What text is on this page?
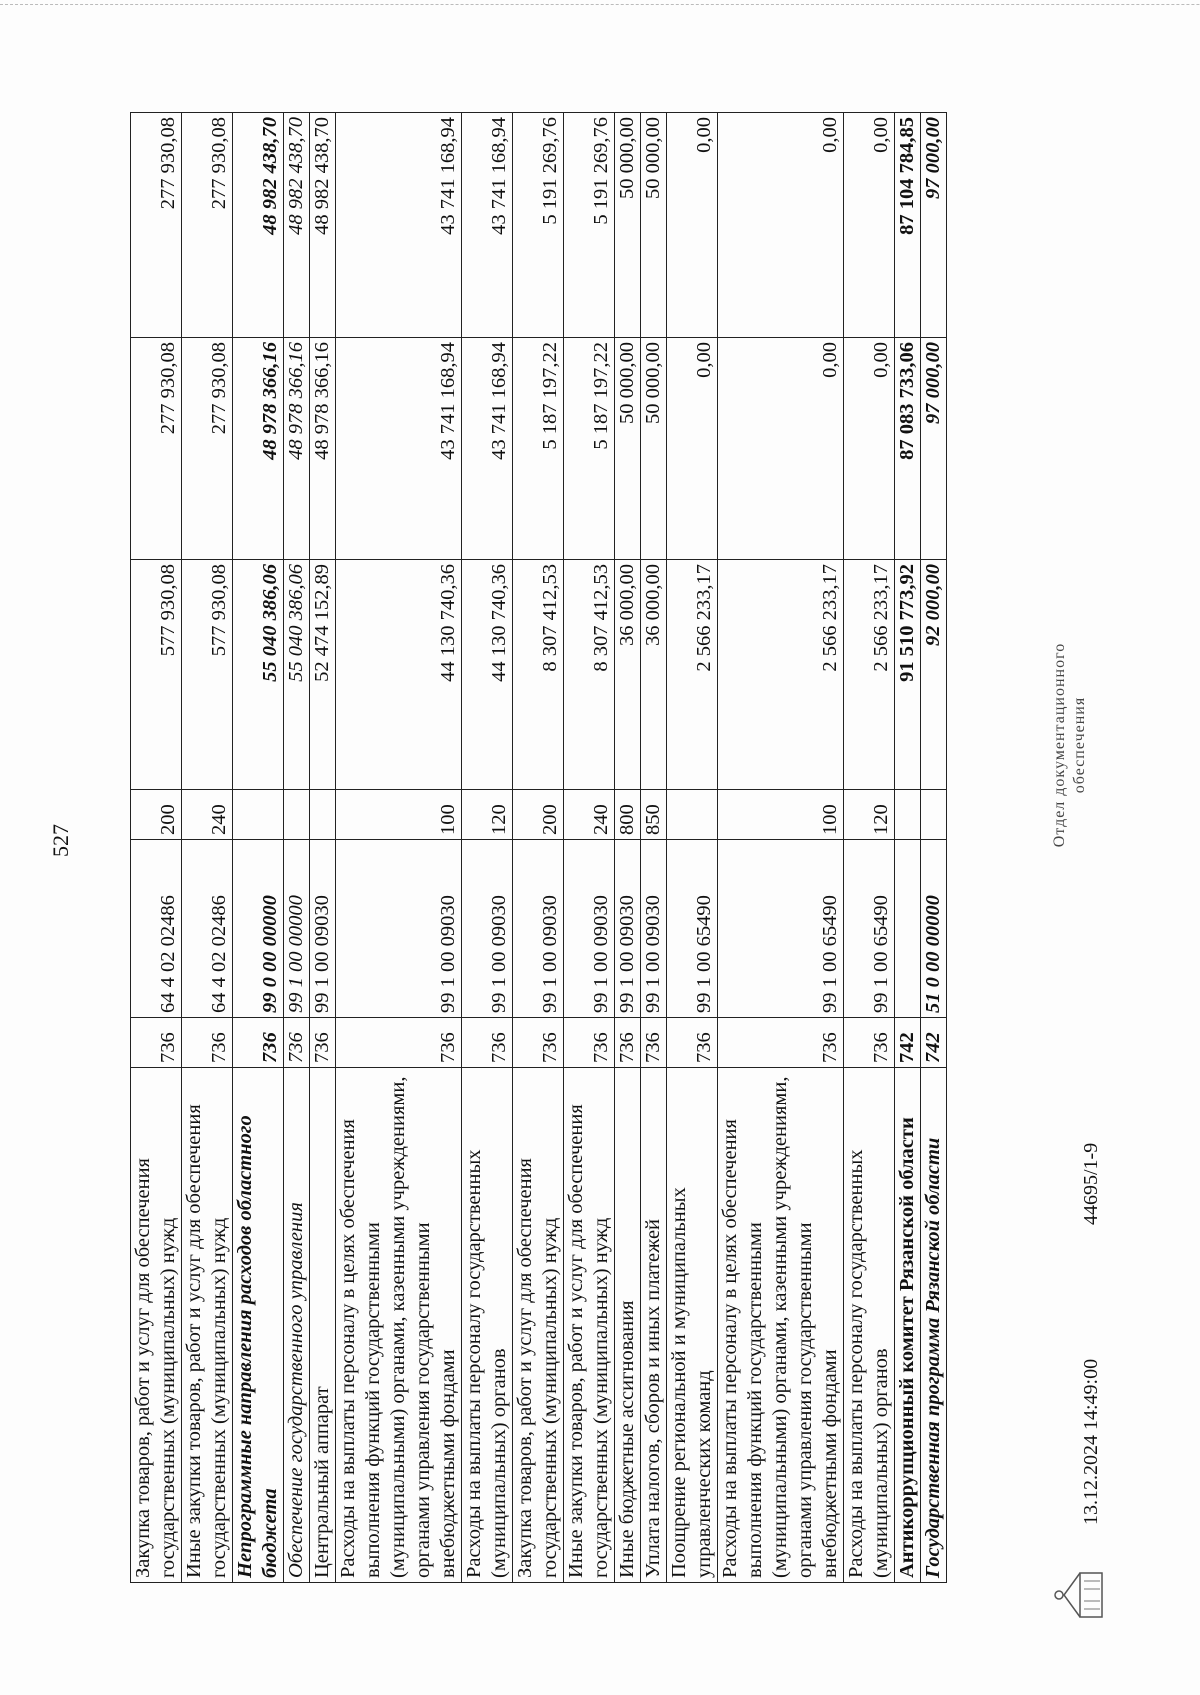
527
Закупка товаров, работ и услуг для обеспечения государственных (муниципальных) нужд	736	64 4 02 02486	200	577 930,08	277 930,08	277 930,08
Иные закупки товаров, работ и услуг для обеспечения государственных (муниципальных) нужд	736	64 4 02 02486	240	577 930,08	277 930,08	277 930,08
Непрограммные направления расходов областного бюджета	736	99 0 00 00000		55 040 386,06	48 978 366,16	48 982 438,70
Обеспечение государственного управления	736	99 1 00 00000		55 040 386,06	48 978 366,16	48 982 438,70
Центральный аппарат	736	99 1 00 09030		52 474 152,89	48 978 366,16	48 982 438,70
Расходы на выплаты персоналу в целях обеспечения выполнения функций государственными (муниципальными) органами, казенными учреждениями, органами управления государственными внебюджетными фондами	736	99 1 00 09030	100	44 130 740,36	43 741 168,94	43 741 168,94
Расходы на выплаты персоналу государственных (муниципальных) органов	736	99 1 00 09030	120	44 130 740,36	43 741 168,94	43 741 168,94
Закупка товаров, работ и услуг для обеспечения государственных (муниципальных) нужд	736	99 1 00 09030	200	8 307 412,53	5 187 197,22	5 191 269,76
Иные закупки товаров, работ и услуг для обеспечения государственных (муниципальных) нужд	736	99 1 00 09030	240	8 307 412,53	5 187 197,22	5 191 269,76
Иные бюджетные ассигнования	736	99 1 00 09030	800	36 000,00	50 000,00	50 000,00
Уплата налогов, сборов и иных платежей	736	99 1 00 09030	850	36 000,00	50 000,00	50 000,00
Поощрение региональной и муниципальных управленческих команд	736	99 1 00 65490		2 566 233,17	0,00	0,00
Расходы на выплаты персоналу в целях обеспечения выполнения функций государственными (муниципальными) органами, казенными учреждениями, органами управления государственными внебюджетными фондами	736	99 1 00 65490	100	2 566 233,17	0,00	0,00
Расходы на выплаты персоналу государственных (муниципальных) органов	736	99 1 00 65490	120	2 566 233,17	0,00	0,00
Антикоррупционный комитет Рязанской области	742			91 510 773,92	87 083 733,06	87 104 784,85
Государственная программа Рязанской области	742	51 0 00 00000		92 000,00	97 000,00	97 000,00
13.12.2024 14:49:00
44695/1-9
Отдел документационного обеспечения
